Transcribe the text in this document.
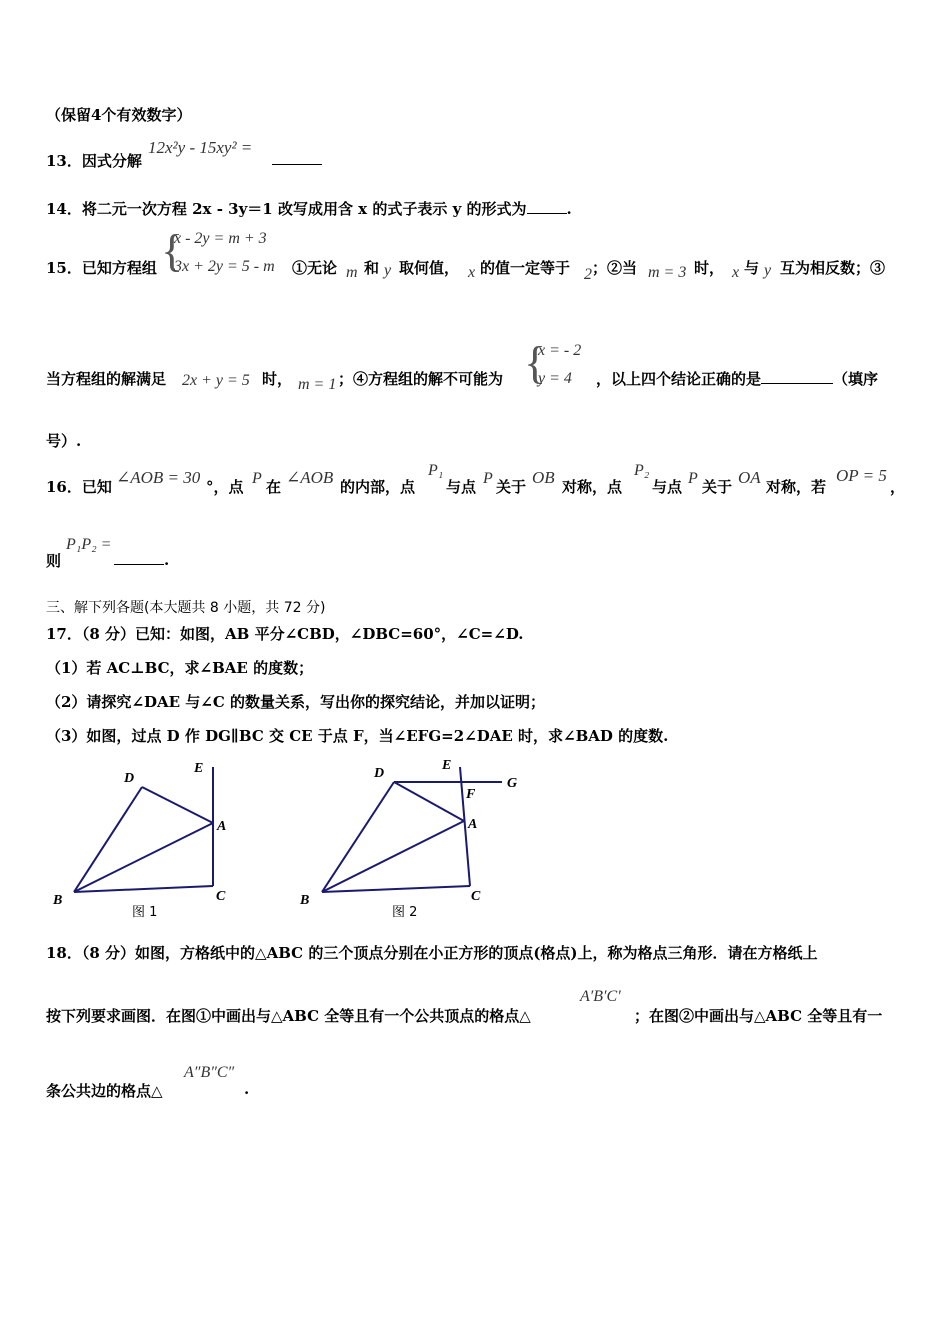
（保留4个有效数字）
13．因式分解
12x²y - 15xy² =
14．将二元一次方程 2x - 3y＝1 改写成用含 x 的式子表示 y 的形式为	.
15．已知方程组 {
x - 2y = m + 3
3x + 2y = 5 - m ①无论 m 和 y 取何值， x 的值一定等于 2 ；②当 m = 3 时， x 与 y 互为相反数；③
当方程组的解满足 2x + y = 5 时， m = 1 ；④方程组的解不可能为 {
x = - 2
y = 4 ，以上四个结论正确的是	（填序
号）.
16．已知 ∠AOB = 30 °，点 P 在 ∠AOB 的内部，点
P₁
与点 P 关于 OB 对称，点
P₂
与点 P 关于 OA 对称，若
OP = 5
，
则
P₁P₂ =
.
三、解下列各题(本大题共 8 小题，共 72 分)
17．（8 分）已知：如图，AB 平分∠CBD，∠DBC=60°，∠C=∠D.
（1）若 AC⊥BC，求∠BAE 的度数；
（2）请探究∠DAE 与∠C 的数量关系，写出你的探究结论，并加以证明；
（3）如图，过点 D 作 DG∥BC 交 CE 于点 F，当∠EFG=2∠DAE 时，求∠BAD 的度数.
D
E
A
B	C
图 1
D
E
G
F
A
B	C
图 2
18．（8 分）如图，方格纸中的△ABC 的三个顶点分别在小正方形的顶点(格点)上，称为格点三角形．请在方格纸上
按下列要求画图．在图①中画出与△ABC 全等且有一个公共顶点的格点△
A′B′C′
；在图②中画出与△ABC 全等且有一
条公共边的格点△
A″B″C″
.
